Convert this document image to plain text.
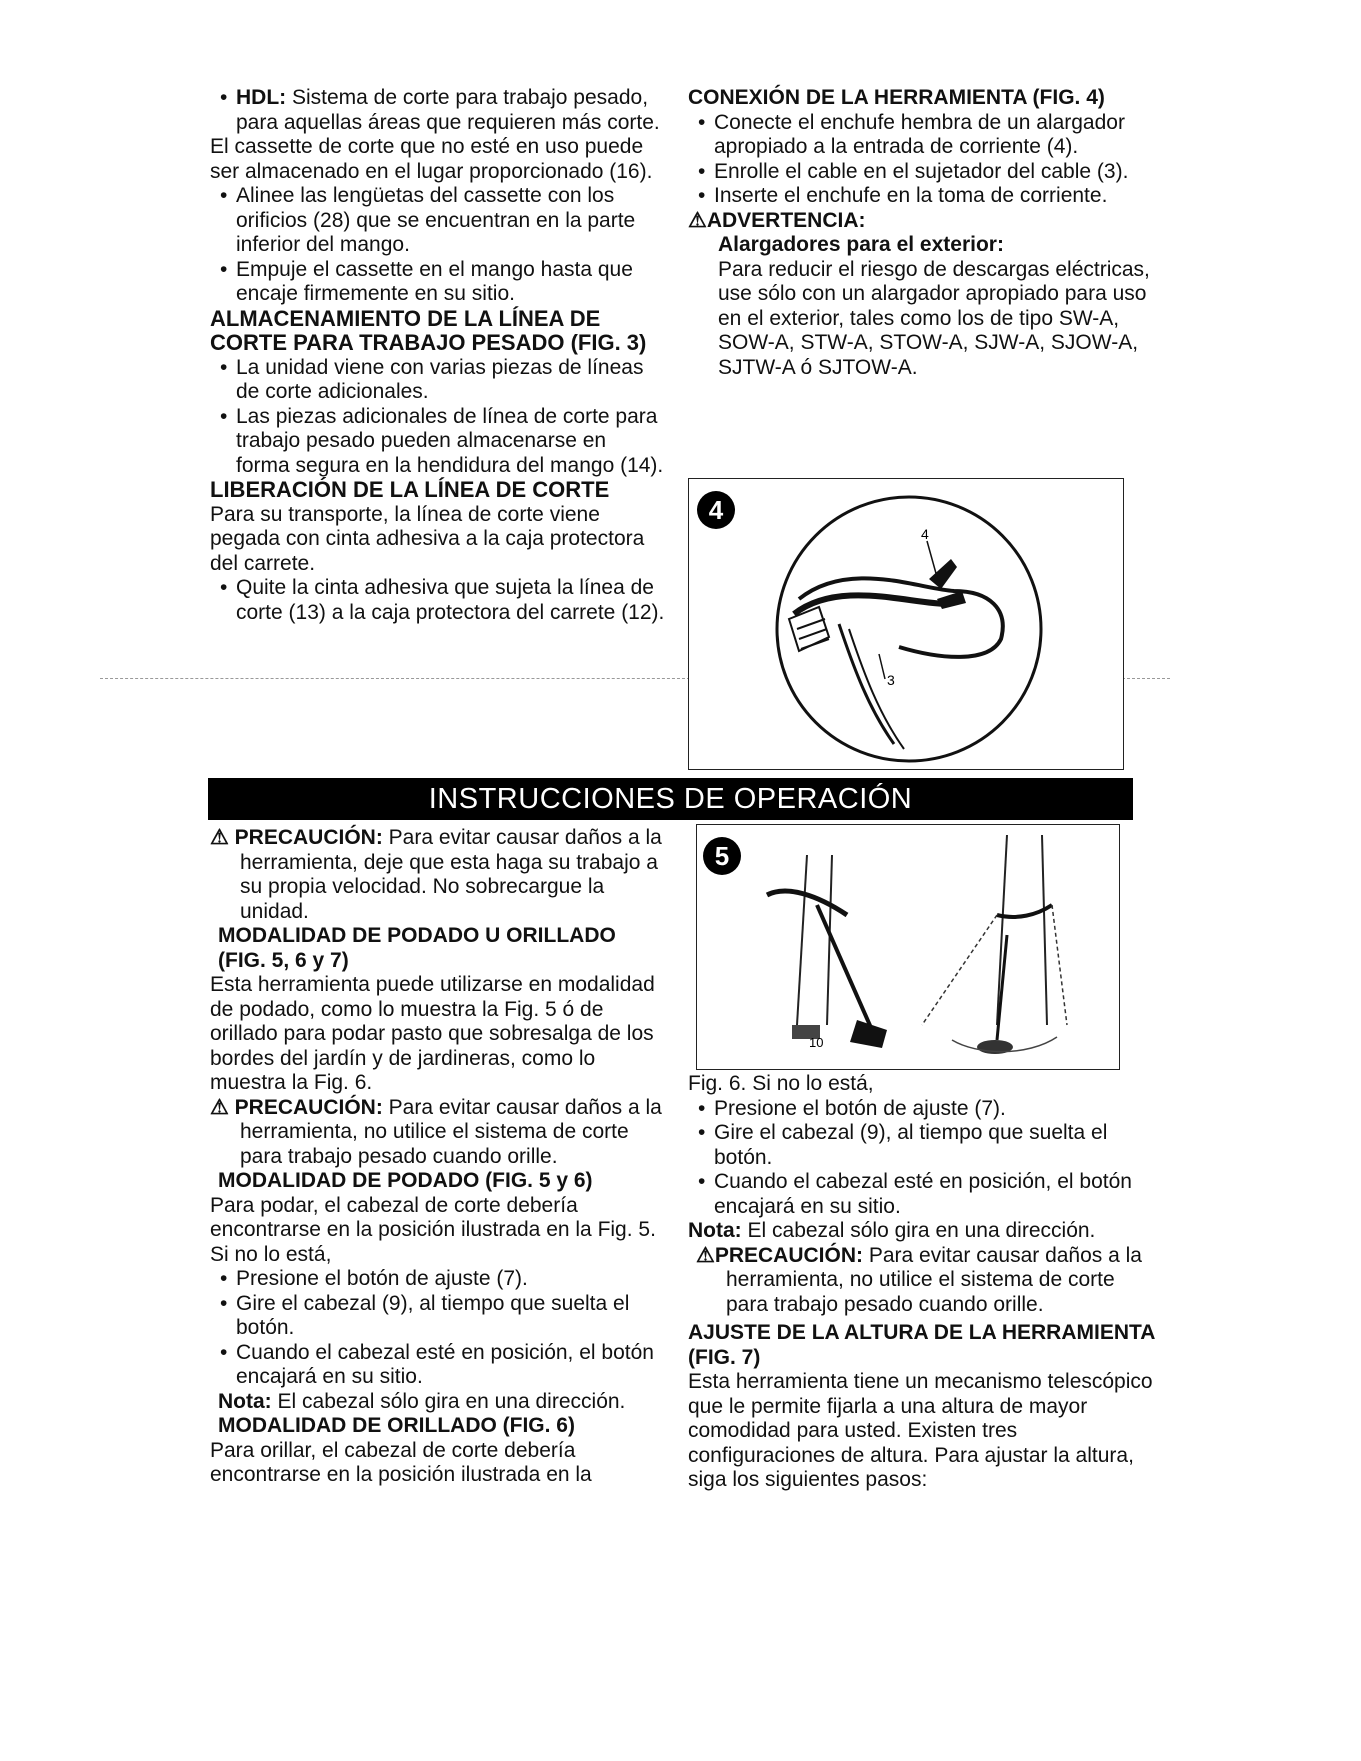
• HDL: Sistema de corte para trabajo pesado, para aquellas áreas que requieren más corte.

El cassette de corte que no esté en uso puede ser almacenado en el lugar proporcionado (16).

• Alinee las lengüetas del cassette con los orificios (28) que se encuentran en la parte inferior del mango.

• Empuje el cassette en el mango hasta que encaje firmemente en su sitio.

ALMACENAMIENTO DE LA LÍNEA DE CORTE PARA TRABAJO PESADO (FIG. 3)

• La unidad viene con varias piezas de líneas de corte adicionales.

• Las piezas adicionales de línea de corte para trabajo pesado pueden almacenarse en forma segura en la hendidura del mango (14).

LIBERACIÓN DE LA LÍNEA DE CORTE

Para su transporte, la línea de corte viene pegada con cinta adhesiva a la caja protectora del carrete.

• Quite la cinta adhesiva que sujeta la línea de corte (13) a la caja protectora del carrete (12).

CONEXIÓN DE LA HERRAMIENTA (FIG. 4)

• Conecte el enchufe hembra de un alargador apropiado a la entrada de corriente (4).

• Enrolle el cable en el sujetador del cable (3).

• Inserte el enchufe en la toma de corriente.

⚠ADVERTENCIA:

Alargadores para el exterior:

Para reducir el riesgo de descargas eléctricas, use sólo con un alargador apropiado para uso en el exterior, tales como los de tipo SW-A, SOW-A, STW-A, STOW-A, SJW-A, SJOW-A, SJTW-A ó SJTOW-A.

4
3
4
INSTRUCCIONES DE OPERACIÓN
10
5

⚠ PRECAUCIÓN: Para evitar causar daños a la herramienta, deje que esta haga su trabajo a su propia velocidad. No sobrecargue la unidad.

MODALIDAD DE PODADO U ORILLADO (FIG. 5, 6 y 7)

Esta herramienta puede utilizarse en modalidad de podado, como lo muestra la Fig. 5 ó de orillado para podar pasto que sobresalga de los bordes del jardín y de jardineras, como lo muestra la Fig. 6.

⚠ PRECAUCIÓN: Para evitar causar daños a la herramienta, no utilice el sistema de corte para trabajo pesado cuando orille.

MODALIDAD DE PODADO (FIG. 5 y 6)

Para podar, el cabezal de corte debería encontrarse en la posición ilustrada en la Fig. 5. Si no lo está,

• Presione el botón de ajuste (7).

• Gire el cabezal (9), al tiempo que suelta el botón.

• Cuando el cabezal esté en posición, el botón encajará en su sitio.

Nota: El cabezal sólo gira en una dirección.

MODALIDAD DE ORILLADO (FIG. 6)

Para orillar, el cabezal de corte debería encontrarse en la posición ilustrada en la

Fig. 6. Si no lo está,

• Presione el botón de ajuste (7).

• Gire el cabezal (9), al tiempo que suelta el botón.

• Cuando el cabezal esté en posición, el botón encajará en su sitio.

Nota: El cabezal sólo gira en una dirección.

⚠PRECAUCIÓN: Para evitar causar daños a la herramienta, no utilice el sistema de corte para trabajo pesado cuando orille.

AJUSTE DE LA ALTURA DE LA HERRAMIENTA (FIG. 7)

Esta herramienta tiene un mecanismo telescópico que le permite fijarla a una altura de mayor comodidad para usted. Existen tres configuraciones de altura. Para ajustar la altura, siga los siguientes pasos:
